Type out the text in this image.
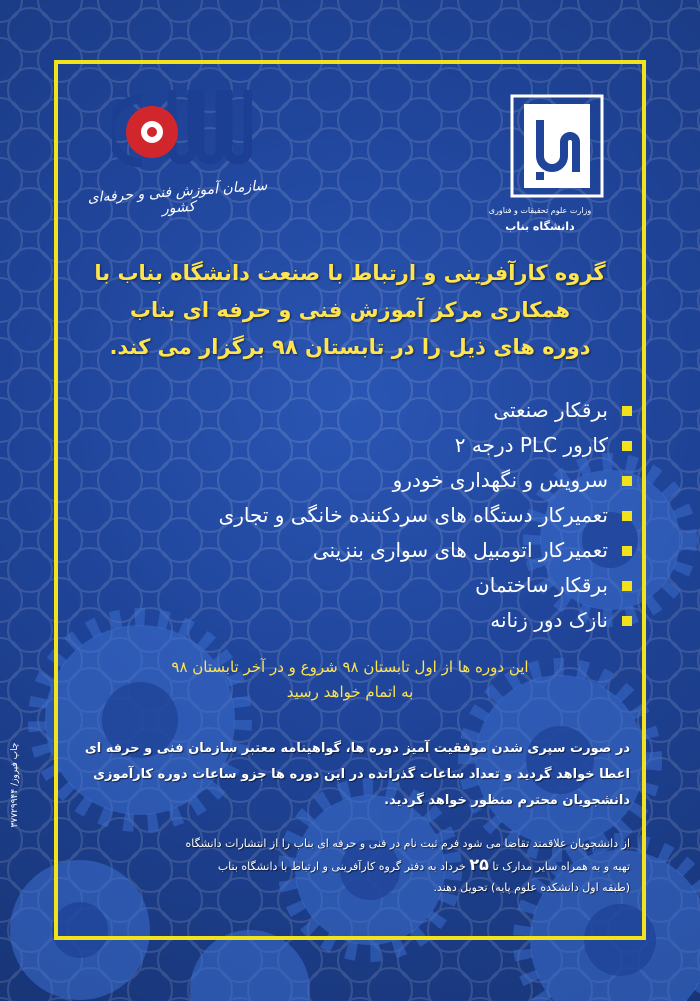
سازمان آموزش فنی و حرفه‌ای کشور	وزارت علوم تحقیقات و فناوری
دانشگاه بناب
گروه کارآفرینی و ارتباط با صنعت دانشگاه بناب با
همکاری مرکز آموزش فنی و حرفه ای بناب
دوره های ذیل را در تابستان ۹۸ برگزار می کند.
برقکار صنعتی
کارور PLC درجه ۲
سرویس و نگهداری خودرو
تعمیرکار دستگاه های سردکننده خانگی و تجاری
تعمیرکار اتومبیل های سواری بنزینی
برقکار ساختمان
نازک دور زنانه
این دوره ها از اول تابستان ۹۸ شروع و در آخر تابستان ۹۸
به اتمام خواهد رسید
در صورت سپری شدن موفقیت آمیز دوره ها، گواهینامه معتبر سازمان فنی و حرفه ای
اعطا خواهد گردید و تعداد ساعات گذرانده در این دوره ها جزو ساعات دوره کارآموزی
دانشجویان محترم منظور خواهد گردید.
از دانشجویان علاقمند تقاضا می شود فرم ثبت نام در فنی و حرفه ای بناب را از انتشارات دانشگاه
تهیه و به همراه سایر مدارک تا ۲۵ خرداد به دفتر گروه کارآفرینی و ارتباط با دانشگاه بناب
(طبقه اول دانشکده علوم پایه) تحویل دهند.
چاپ فیروز/ ۳۷۷۲۹۹۴۴
